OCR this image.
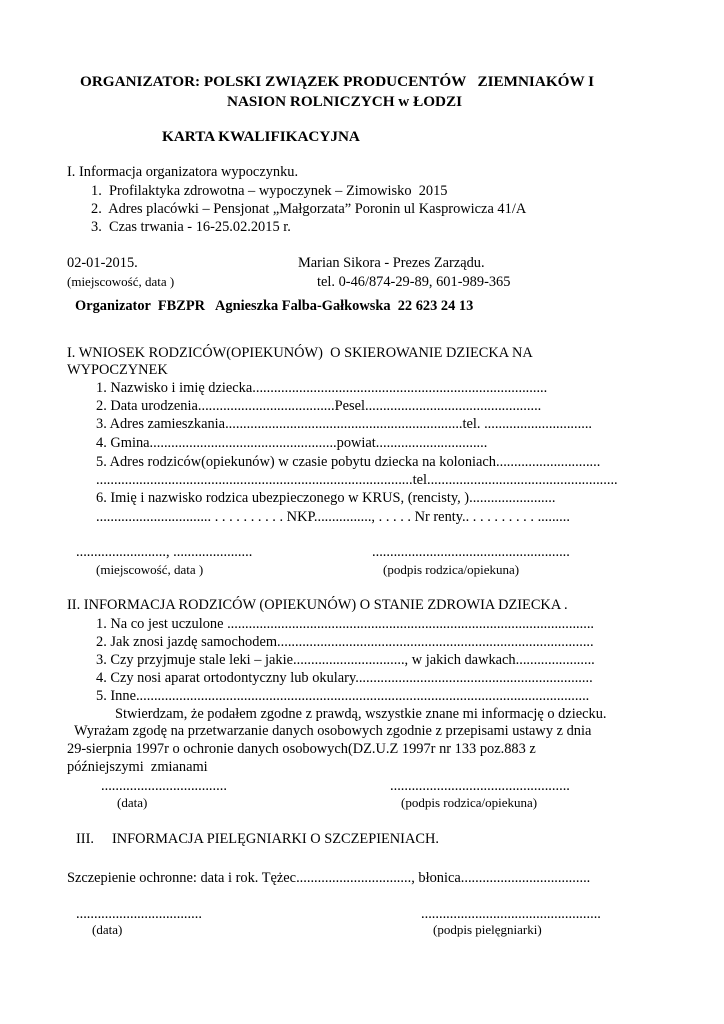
ORGANIZATOR: POLSKI ZWIĄZEK PRODUCENTÓW   ZIEMNIAKÓW I
NASION ROLNICZYCH w ŁODZI
KARTA KWALIFIKACYJNA
I. Informacja organizatora wypoczynku.
1.  Profilaktyka zdrowotna – wypoczynek – Zimowisko  2015
2.  Adres placówki – Pensjonat „Małgorzata” Poronin ul Kasprowicza 41/A
3.  Czas trwania - 16-25.02.2015 r.
02-01-2015.	Marian Sikora - Prezes Zarządu.
(miejscowość, data )	tel. 0-46/874-29-89, 601-989-365
Organizator  FBZPR   Agnieszka Falba-Gałkowska  22 623 24 13
I. WNIOSEK RODZICÓW(OPIEKUNÓW)  O SKIEROWANIE DZIECKA NA
WYPOCZYNEK
1. Nazwisko i imię dziecka..................................................................................
2. Data urodzenia......................................Pesel.................................................
3. Adres zamieszkania..................................................................tel. ..............................
4. Gmina....................................................powiat...............................
5. Adres rodziców(opiekunów) w czasie pobytu dziecka na koloniach.............................
........................................................................................tel.....................................................
6. Imię i nazwisko rodzica ubezpieczonego w KRUS, (rencisty, )........................
................................ . . . . . . . . . . NKP................, . . . . . Nr renty.. . . . . . . . . . .........
........................., ......................	.......................................................
(miejscowość, data )	(podpis rodzica/opiekuna)
II. INFORMACJA RODZICÓW (OPIEKUNÓW) O STANIE ZDROWIA DZIECKA .
1. Na co jest uczulone ......................................................................................................
2. Jak znosi jazdę samochodem........................................................................................
3. Czy przyjmuje stale leki – jakie..............................., w jakich dawkach......................
4. Czy nosi aparat ortodontyczny lub okulary..................................................................
5. Inne..............................................................................................................................
Stwierdzam, że podałem zgodne z prawdą, wszystkie znane mi informację o dziecku.
Wyrażam zgodę na przetwarzanie danych osobowych zgodnie z przepisami ustawy z dnia
29-sierpnia 1997r o ochronie danych osobowych(DZ.U.Z 1997r nr 133 poz.883 z
późniejszymi  zmianami
...................................	..................................................
(data)	(podpis rodzica/opiekuna)
III.     INFORMACJA PIELĘGNIARKI O SZCZEPIENIACH.
Szczepienie ochronne: data i rok. Tężec................................, błonica....................................
...................................	..................................................
(data)	(podpis pielęgniarki)
